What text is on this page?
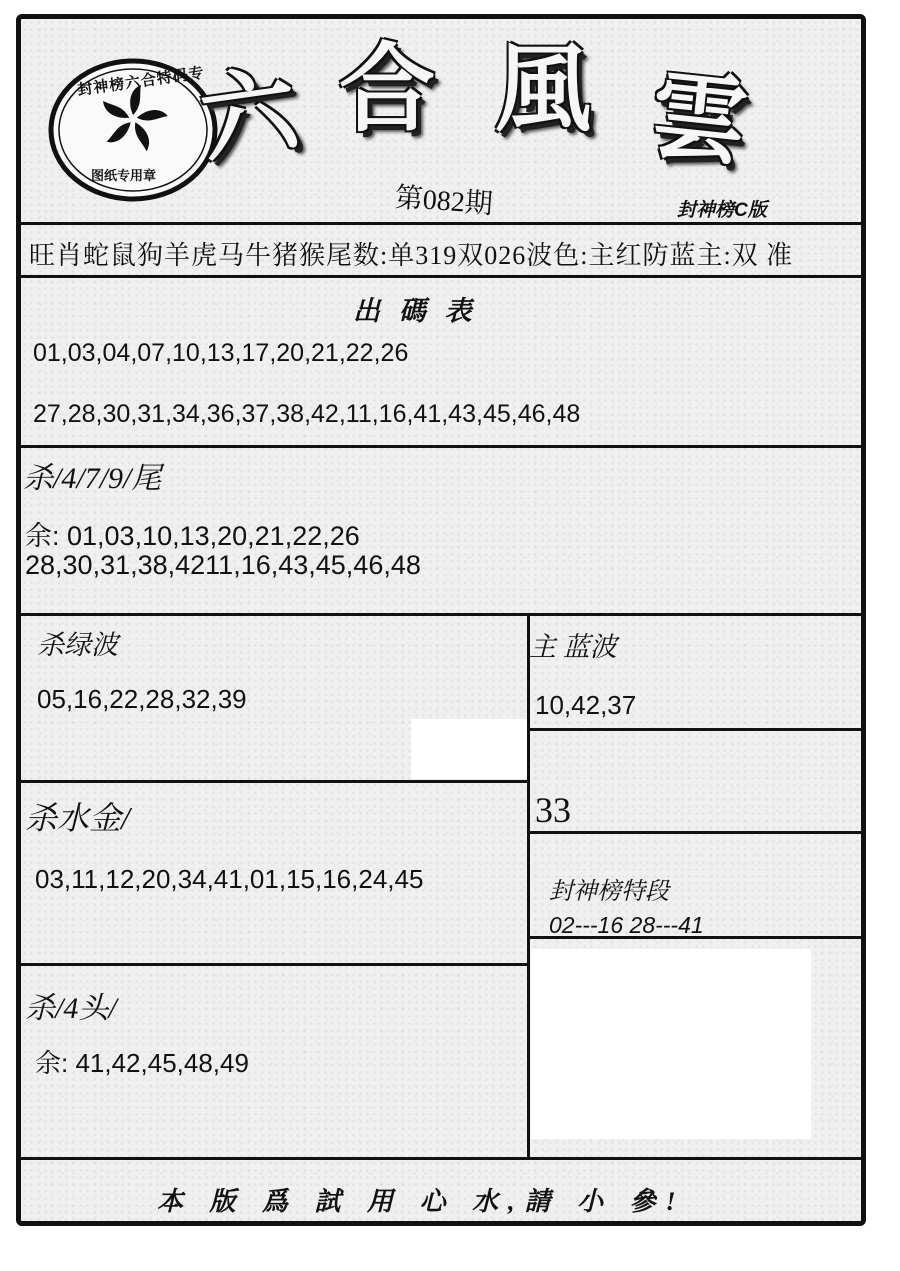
封神榜六合特码专
图纸专用章 六 合 風 雲
第082期	封神榜C版
旺肖蛇鼠狗羊虎马牛猪猴尾数:单319双026波色:主红防蓝主:双 准
出 碼 表
01,03,04,07,10,13,17,20,21,22,26
27,28,30,31,34,36,37,38,42,11,16,41,43,45,46,48
杀/4/7/9/尾
余: 01,03,10,13,20,21,22,26
28,30,31,38,4211,16,43,45,46,48
杀绿波
05,16,22,28,32,39
主 蓝波
10,42,37
33
杀水金/
03,11,12,20,34,41,01,15,16,24,45	封神榜特段
02---16 28---41
杀/4头/
余: 41,42,45,48,49
本 版 爲 試 用 心 水,請 小 參!
